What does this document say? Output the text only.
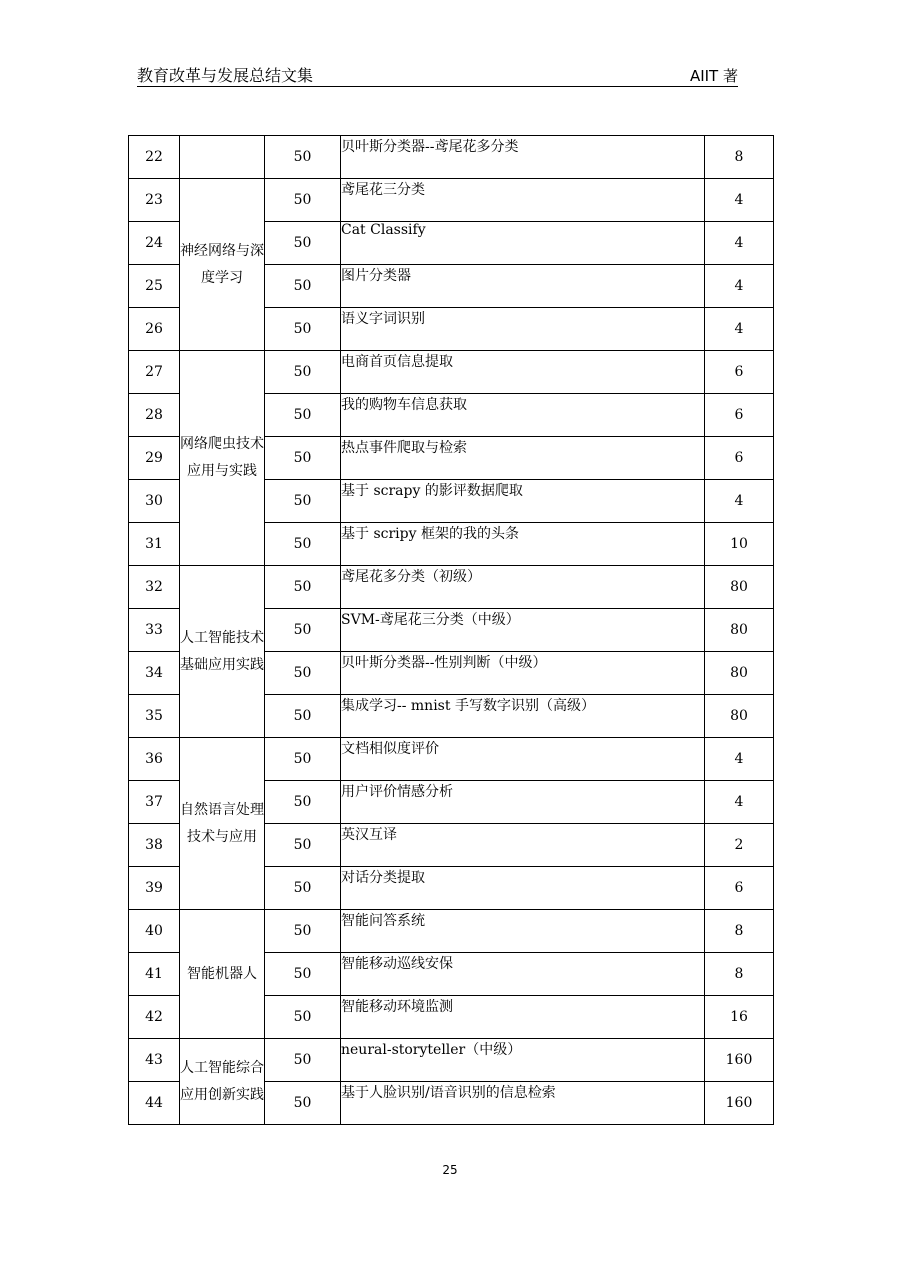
教育改革与发展总结文集	AIIT 著
22		50	贝叶斯分类器--鸢尾花多分类	8
23	神经网络与深度学习	50	鸢尾花三分类	4
24		50	Cat Classify	4
25		50	图片分类器	4
26		50	语义字词识别	4
27	网络爬虫技术应用与实践	50	电商首页信息提取	6
28		50	我的购物车信息获取	6
29		50	热点事件爬取与检索	6
30		50	基于 scrapy 的影评数据爬取	4
31		50	基于 scripy 框架的我的头条	10
32	人工智能技术基础应用实践	50	鸢尾花多分类（初级）	80
33		50	SVM-鸢尾花三分类（中级）	80
34		50	贝叶斯分类器--性别判断（中级）	80
35		50	集成学习-- mnist 手写数字识别（高级）	80
36	自然语言处理技术与应用	50	文档相似度评价	4
37		50	用户评价情感分析	4
38		50	英汉互译	2
39		50	对话分类提取	6
40	智能机器人	50	智能问答系统	8
41		50	智能移动巡线安保	8
42		50	智能移动环境监测	16
43	人工智能综合应用创新实践	50	neural-storyteller（中级）	160
44		50	基于人脸识别/语音识别的信息检索	160
25
